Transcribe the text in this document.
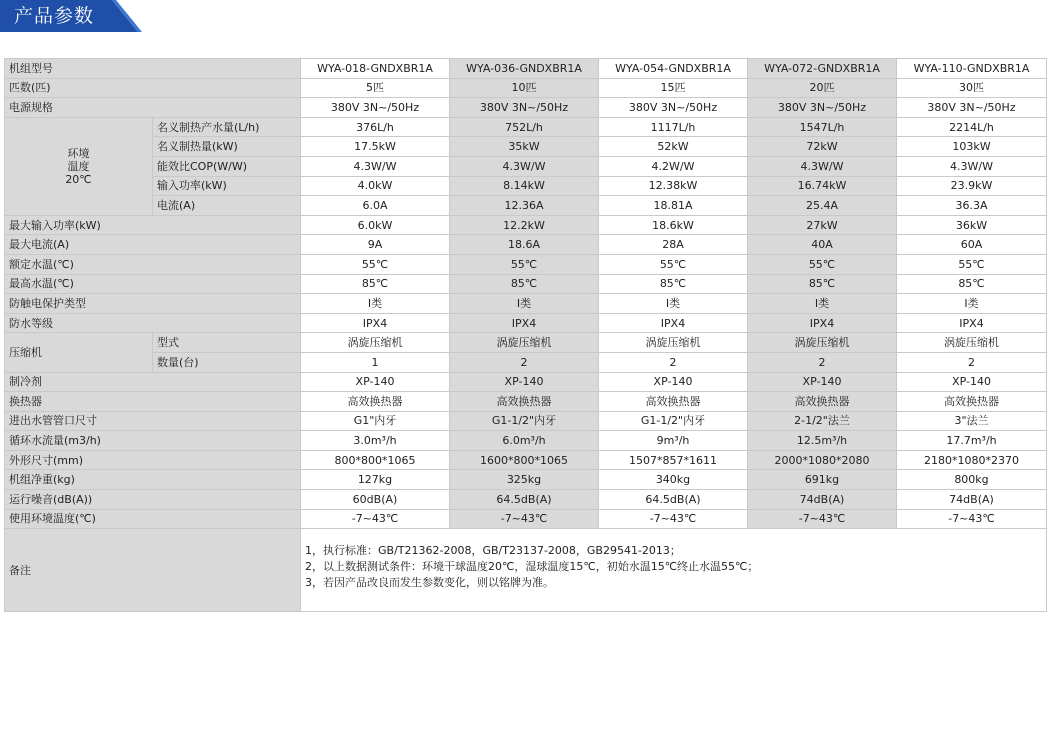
产品参数
机组型号		WYA-018-GNDXBR1A	WYA-036-GNDXBR1A	WYA-054-GNDXBR1A	WYA-072-GNDXBR1A	WYA-110-GNDXBR1A
匹数(匹)		5匹	10匹	15匹	20匹	30匹
电源规格		380V 3N~/50Hz	380V 3N~/50Hz	380V 3N~/50Hz	380V 3N~/50Hz	380V 3N~/50Hz

环境
温度
20℃	名义制热产水量(L/h)	376L/h	752L/h	1117L/h	1547L/h	2214L/h
	名义制热量(kW)	17.5kW	35kW	52kW	72kW	103kW
	能效比COP(W/W)	4.3W/W	4.3W/W	4.2W/W	4.3W/W	4.3W/W
	输入功率(kW)	4.0kW	8.14kW	12.38kW	16.74kW	23.9kW
	电流(A)	6.0A	12.36A	18.81A	25.4A	36.3A
最大输入功率(kW)		6.0kW	12.2kW	18.6kW	27kW	36kW
最大电流(A)		9A	18.6A	28A	40A	60A
额定水温(℃)		55℃	55℃	55℃	55℃	55℃
最高水温(℃)		85℃	85℃	85℃	85℃	85℃
防触电保护类型		I类	I类	I类	I类	I类
防水等级		IPX4	IPX4	IPX4	IPX4	IPX4
压缩机	型式	涡旋压缩机	涡旋压缩机	涡旋压缩机	涡旋压缩机	涡旋压缩机
	数量(台)	1	2	2	2	2
制冷剂		XP-140	XP-140	XP-140	XP-140	XP-140
换热器		高效换热器	高效换热器	高效换热器	高效换热器	高效换热器
进出水管管口尺寸		G1"内牙	G1-1/2"内牙	G1-1/2"内牙	2-1/2"法兰	3"法兰
循环水流量(m3/h)		3.0m³/h	6.0m³/h	9m³/h	12.5m³/h	17.7m³/h
外形尺寸(mm)		800*800*1065	1600*800*1065	1507*857*1611	2000*1080*2080	2180*1080*2370
机组净重(kg)		127kg	325kg	340kg	691kg	800kg
运行噪音(dB(A))		60dB(A)	64.5dB(A)	64.5dB(A)	74dB(A)	74dB(A)
使用环境温度(℃)		-7~43℃	-7~43℃	-7~43℃	-7~43℃	-7~43℃
备注		1，执行标准：GB/T21362-2008，GB/T23137-2008，GB29541-2013；
2，以上数据测试条件：环境干球温度20℃，湿球温度15℃，初始水温15℃终止水温55℃；
3，若因产品改良而发生参数变化，则以铭牌为准。				
